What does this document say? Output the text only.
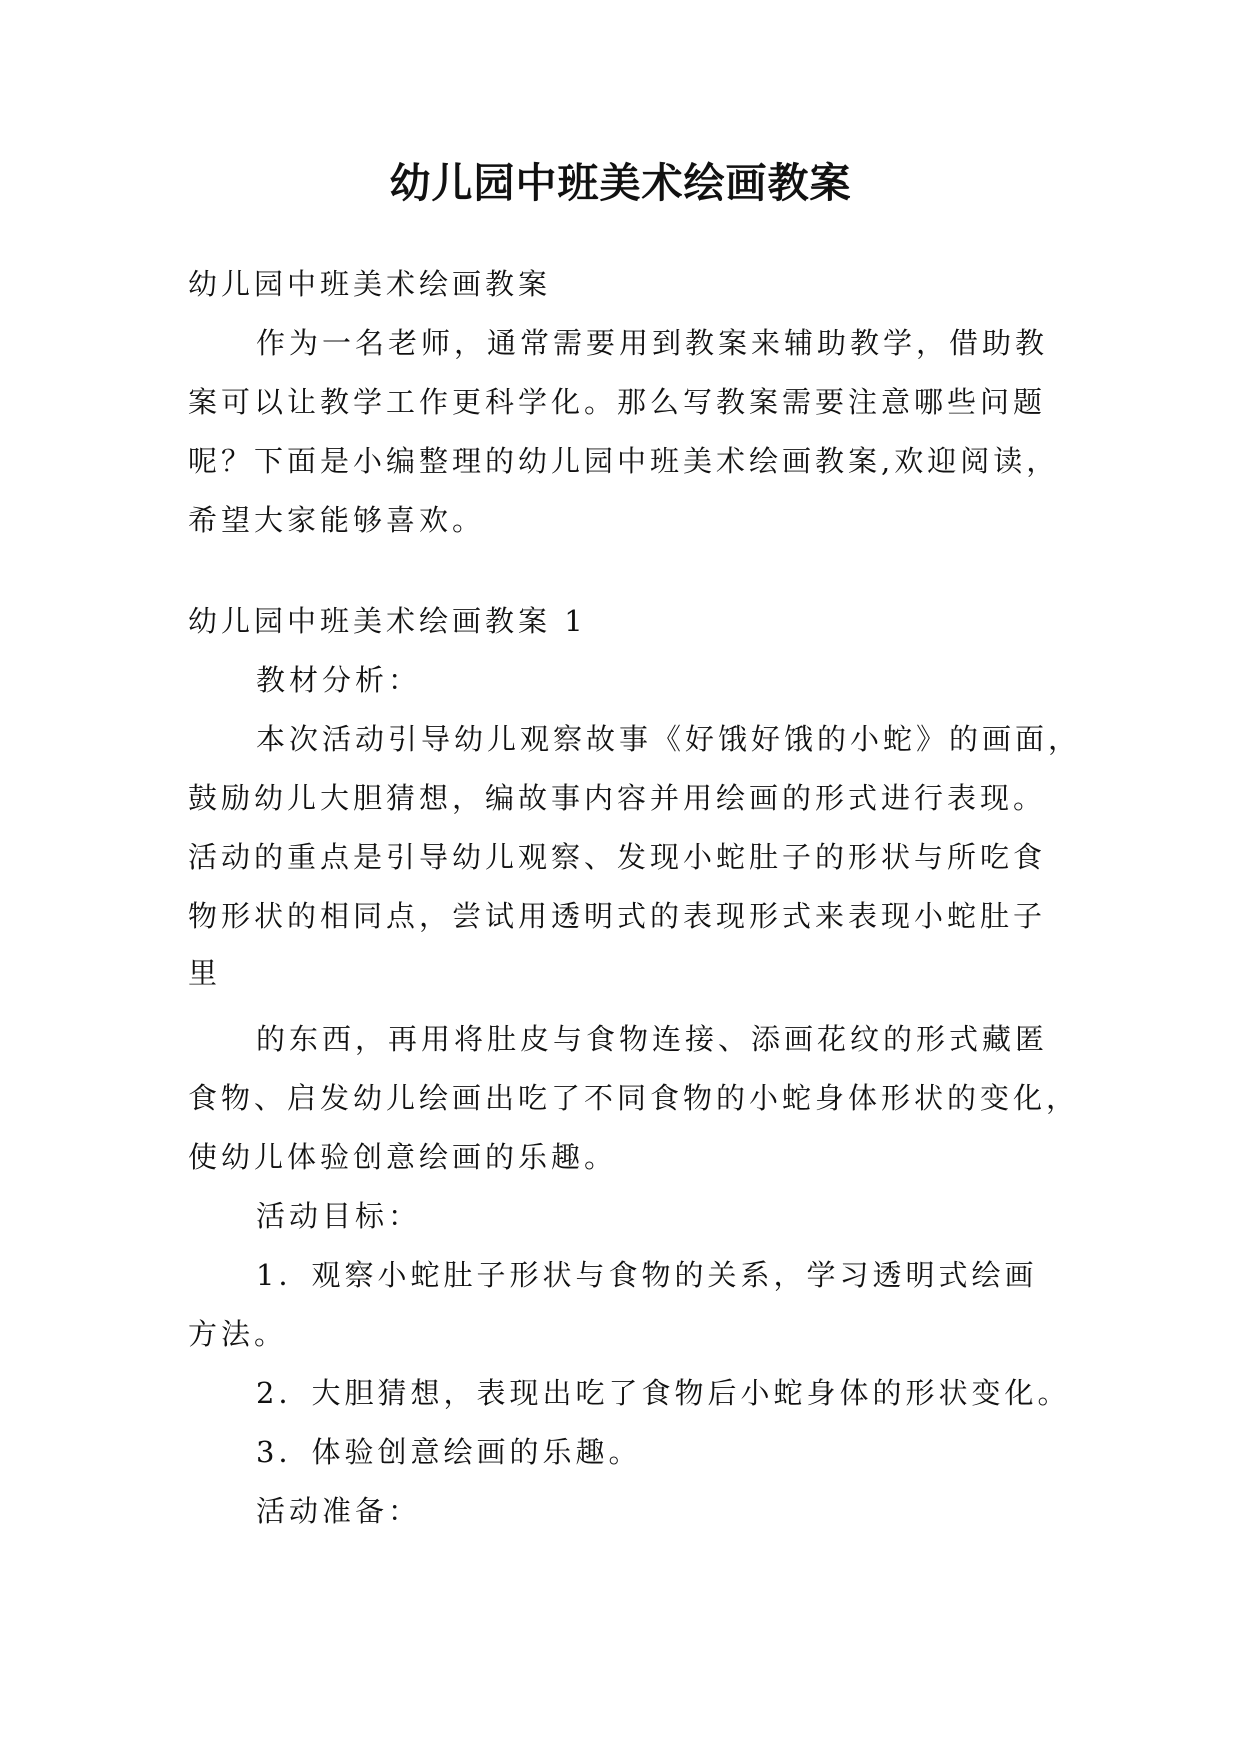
幼儿园中班美术绘画教案
幼儿园中班美术绘画教案
作为一名老师，通常需要用到教案来辅助教学，借助教
案可以让教学工作更科学化。那么写教案需要注意哪些问题
呢？下面是小编整理的幼儿园中班美术绘画教案,欢迎阅读，
希望大家能够喜欢。
幼儿园中班美术绘画教案 1
教材分析：
本次活动引导幼儿观察故事《好饿好饿的小蛇》的画面，
鼓励幼儿大胆猜想，编故事内容并用绘画的形式进行表现。
活动的重点是引导幼儿观察、发现小蛇肚子的形状与所吃食
物形状的相同点，尝试用透明式的表现形式来表现小蛇肚子
里
的东西，再用将肚皮与食物连接、添画花纹的形式藏匿
食物、启发幼儿绘画出吃了不同食物的小蛇身体形状的变化，
使幼儿体验创意绘画的乐趣。
活动目标：
1．观察小蛇肚子形状与食物的关系，学习透明式绘画
方法。
2．大胆猜想，表现出吃了食物后小蛇身体的形状变化。
3．体验创意绘画的乐趣。
活动准备：
